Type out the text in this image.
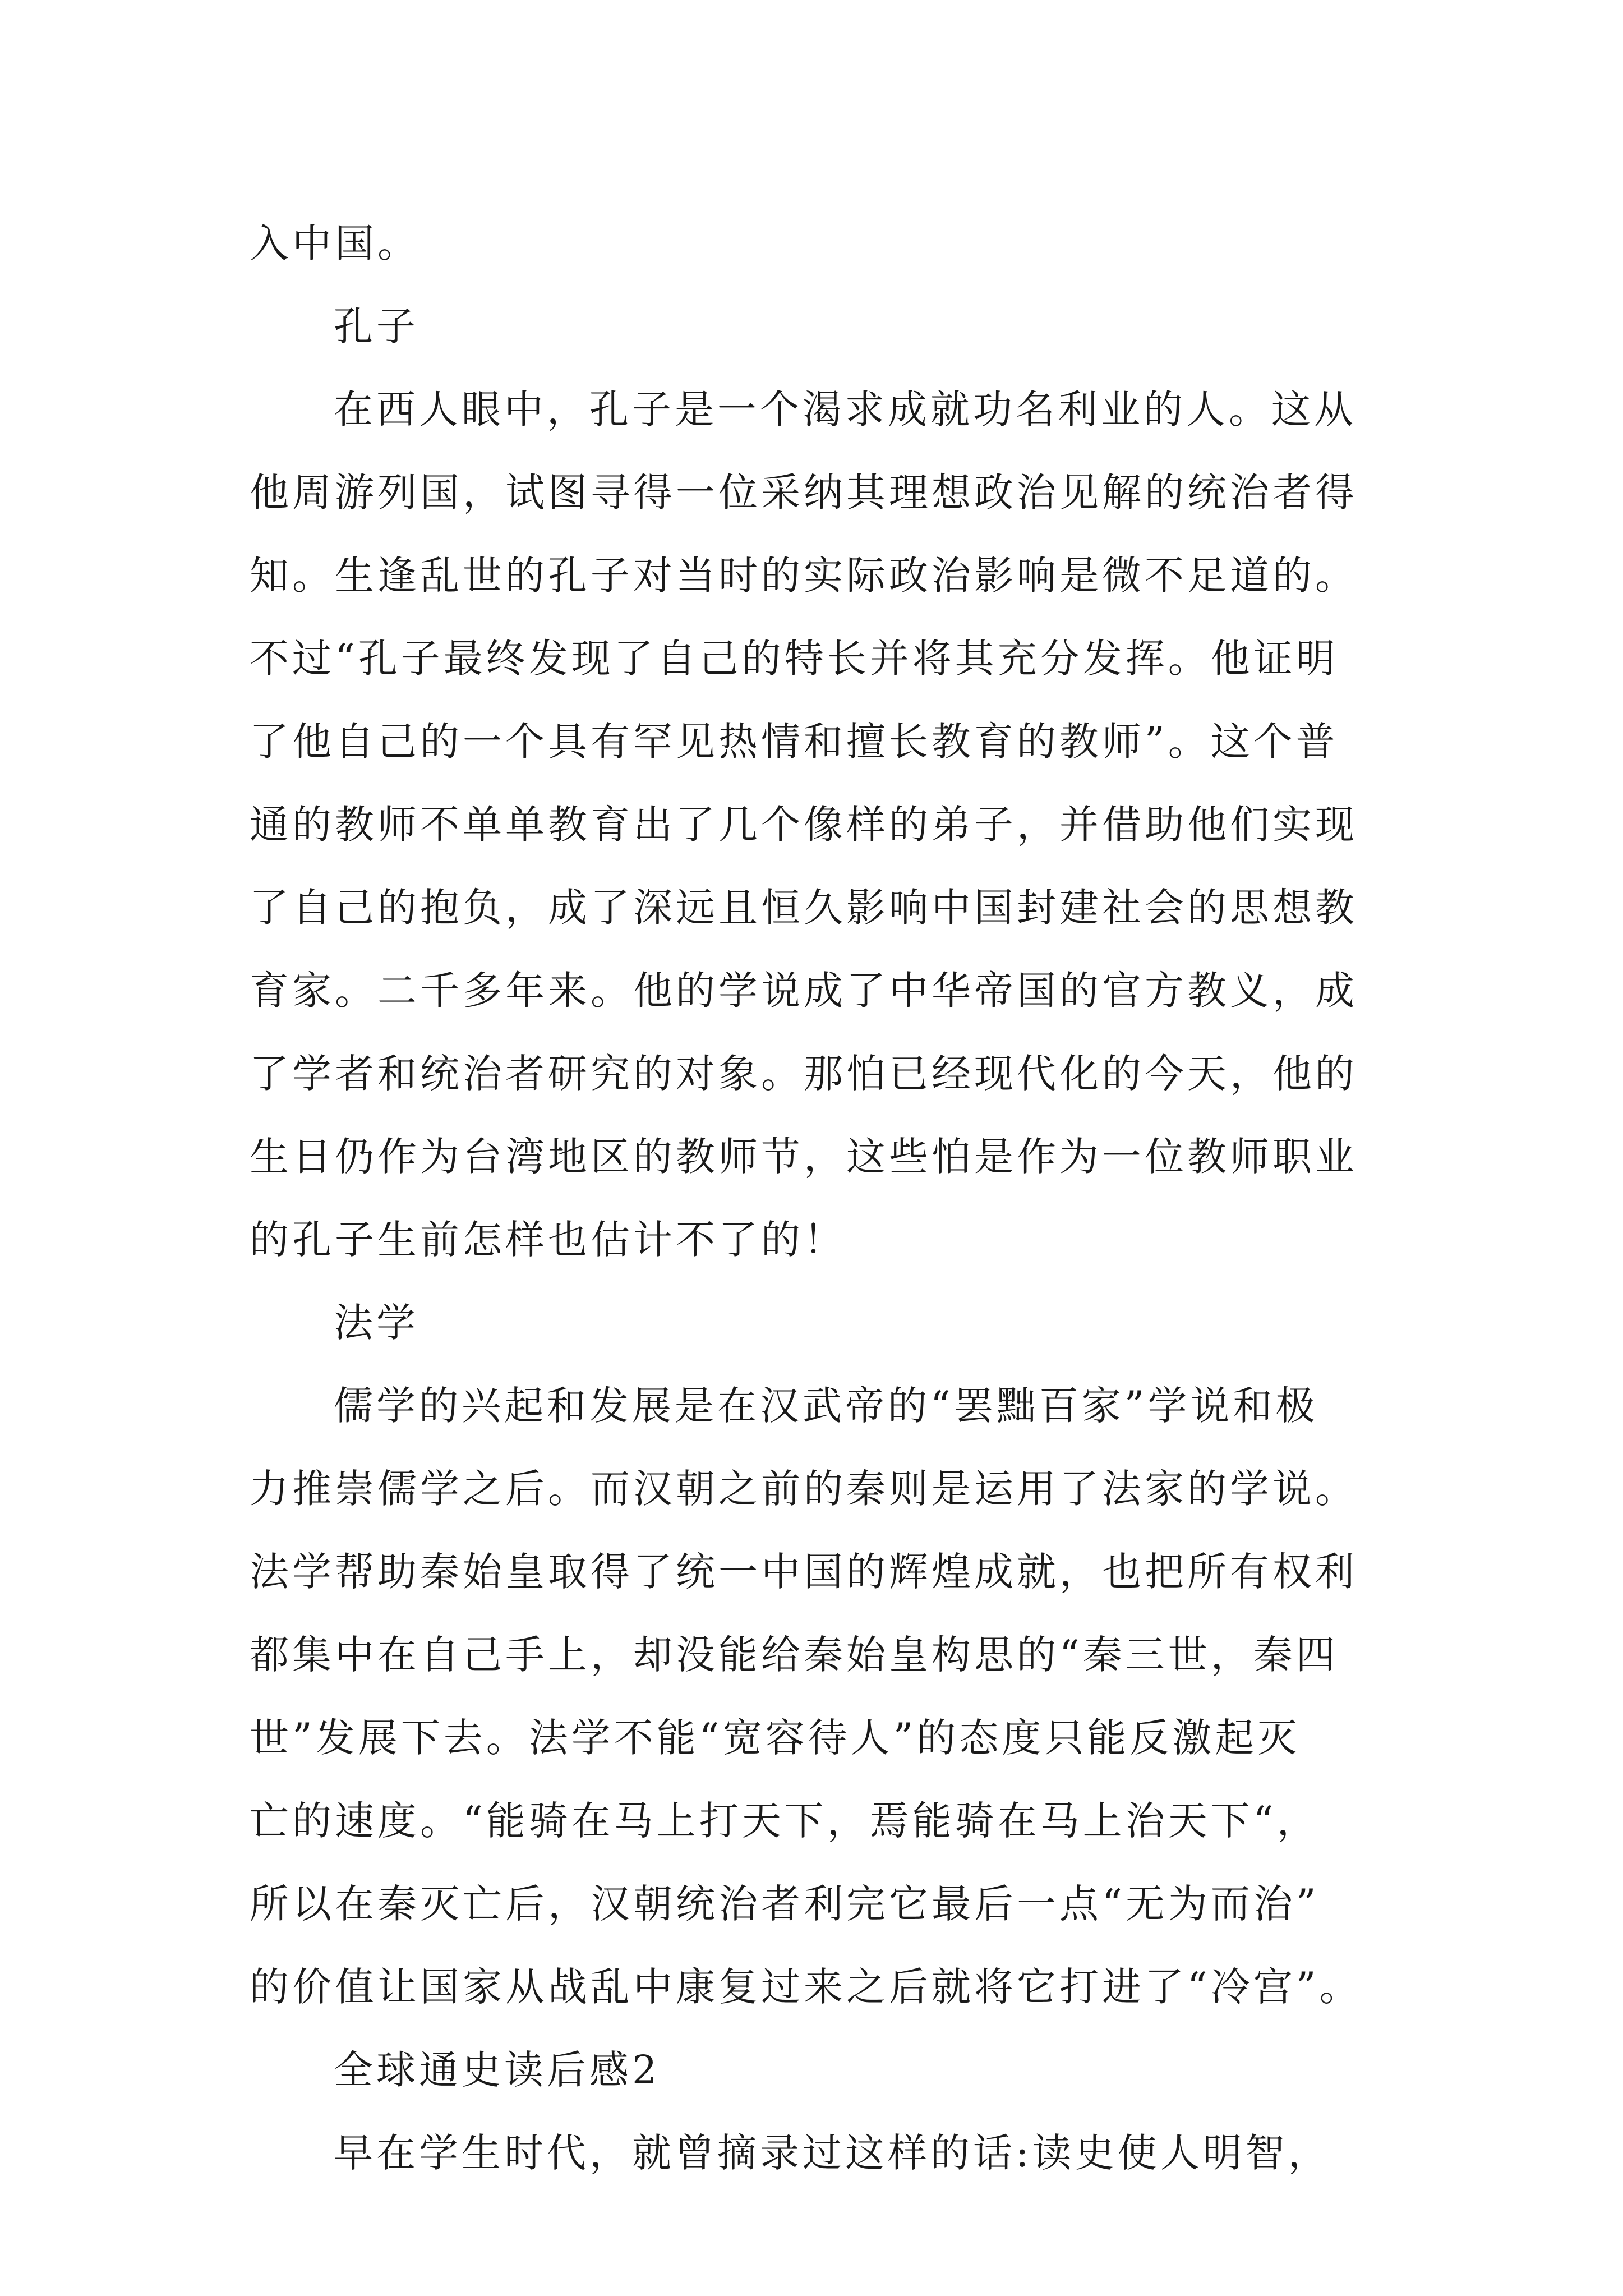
入中国。
孔子
在西人眼中，孔子是一个渴求成就功名利业的人。这从
他周游列国，试图寻得一位采纳其理想政治见解的统治者得
知。生逢乱世的孔子对当时的实际政治影响是微不足道的。
不过“孔子最终发现了自己的特长并将其充分发挥。他证明
了他自己的一个具有罕见热情和擅长教育的教师”。这个普
通的教师不单单教育出了几个像样的弟子，并借助他们实现
了自己的抱负，成了深远且恒久影响中国封建社会的思想教
育家。二千多年来。他的学说成了中华帝国的官方教义，成
了学者和统治者研究的对象。那怕已经现代化的今天，他的
生日仍作为台湾地区的教师节，这些怕是作为一位教师职业
的孔子生前怎样也估计不了的！
法学
儒学的兴起和发展是在汉武帝的“罢黜百家”学说和极
力推崇儒学之后。而汉朝之前的秦则是运用了法家的学说。
法学帮助秦始皇取得了统一中国的辉煌成就，也把所有权利
都集中在自己手上，却没能给秦始皇构思的“秦三世，秦四
世”发展下去。法学不能“宽容待人”的态度只能反激起灭
亡的速度。“能骑在马上打天下，焉能骑在马上治天下“，
所以在秦灭亡后，汉朝统治者利完它最后一点“无为而治”
的价值让国家从战乱中康复过来之后就将它打进了“冷宫”。
全球通史读后感2
早在学生时代，就曾摘录过这样的话:读史使人明智，
